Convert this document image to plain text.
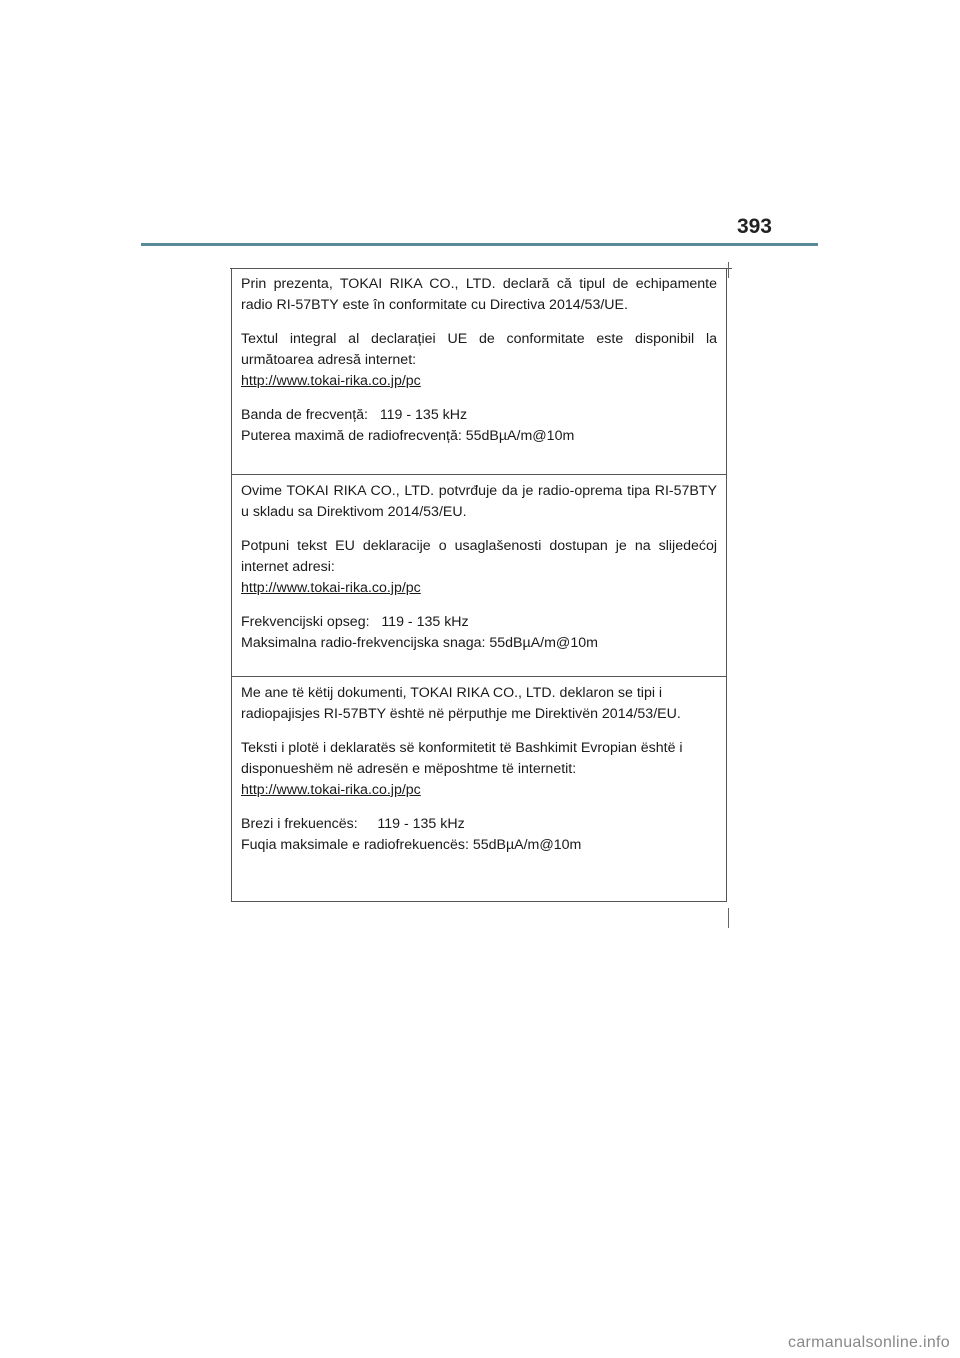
393

Prin prezenta, TOKAI RIKA CO., LTD. declară că tipul de echipamente radio RI-57BTY este în conformitate cu Directiva 2014/53/UE.

Textul integral al declarației UE de conformitate este disponibil la următoarea adresă internet:
http://www.tokai-rika.co.jp/pc

Banda de frecvență:   119 - 135 kHz
Puterea maximă de radiofrecvență: 55dBµA/m@10m

Ovime TOKAI RIKA CO., LTD. potvrđuje da je radio-oprema tipa RI-57BTY u skladu sa Direktivom 2014/53/EU.

Potpuni tekst EU deklaracije o usaglašenosti dostupan je na slijedećoj internet adresi:
http://www.tokai-rika.co.jp/pc

Frekvencijski opseg:   119 - 135 kHz
Maksimalna radio-frekvencijska snaga: 55dBµA/m@10m

Me ane të këtij dokumenti, TOKAI RIKA CO., LTD. deklaron se tipi i radiopajisjes RI-57BTY është në përputhje me Direktivën 2014/53/EU.

Teksti i plotë i deklaratës së konformitetit të Bashkimit Evropian është i disponueshëm në adresën e mëposhtme të internetit:
http://www.tokai-rika.co.jp/pc

Brezi i frekuencës:     119 - 135 kHz
Fuqia maksimale e radiofrekuencës: 55dBµA/m@10m

carmanualsonline.info
